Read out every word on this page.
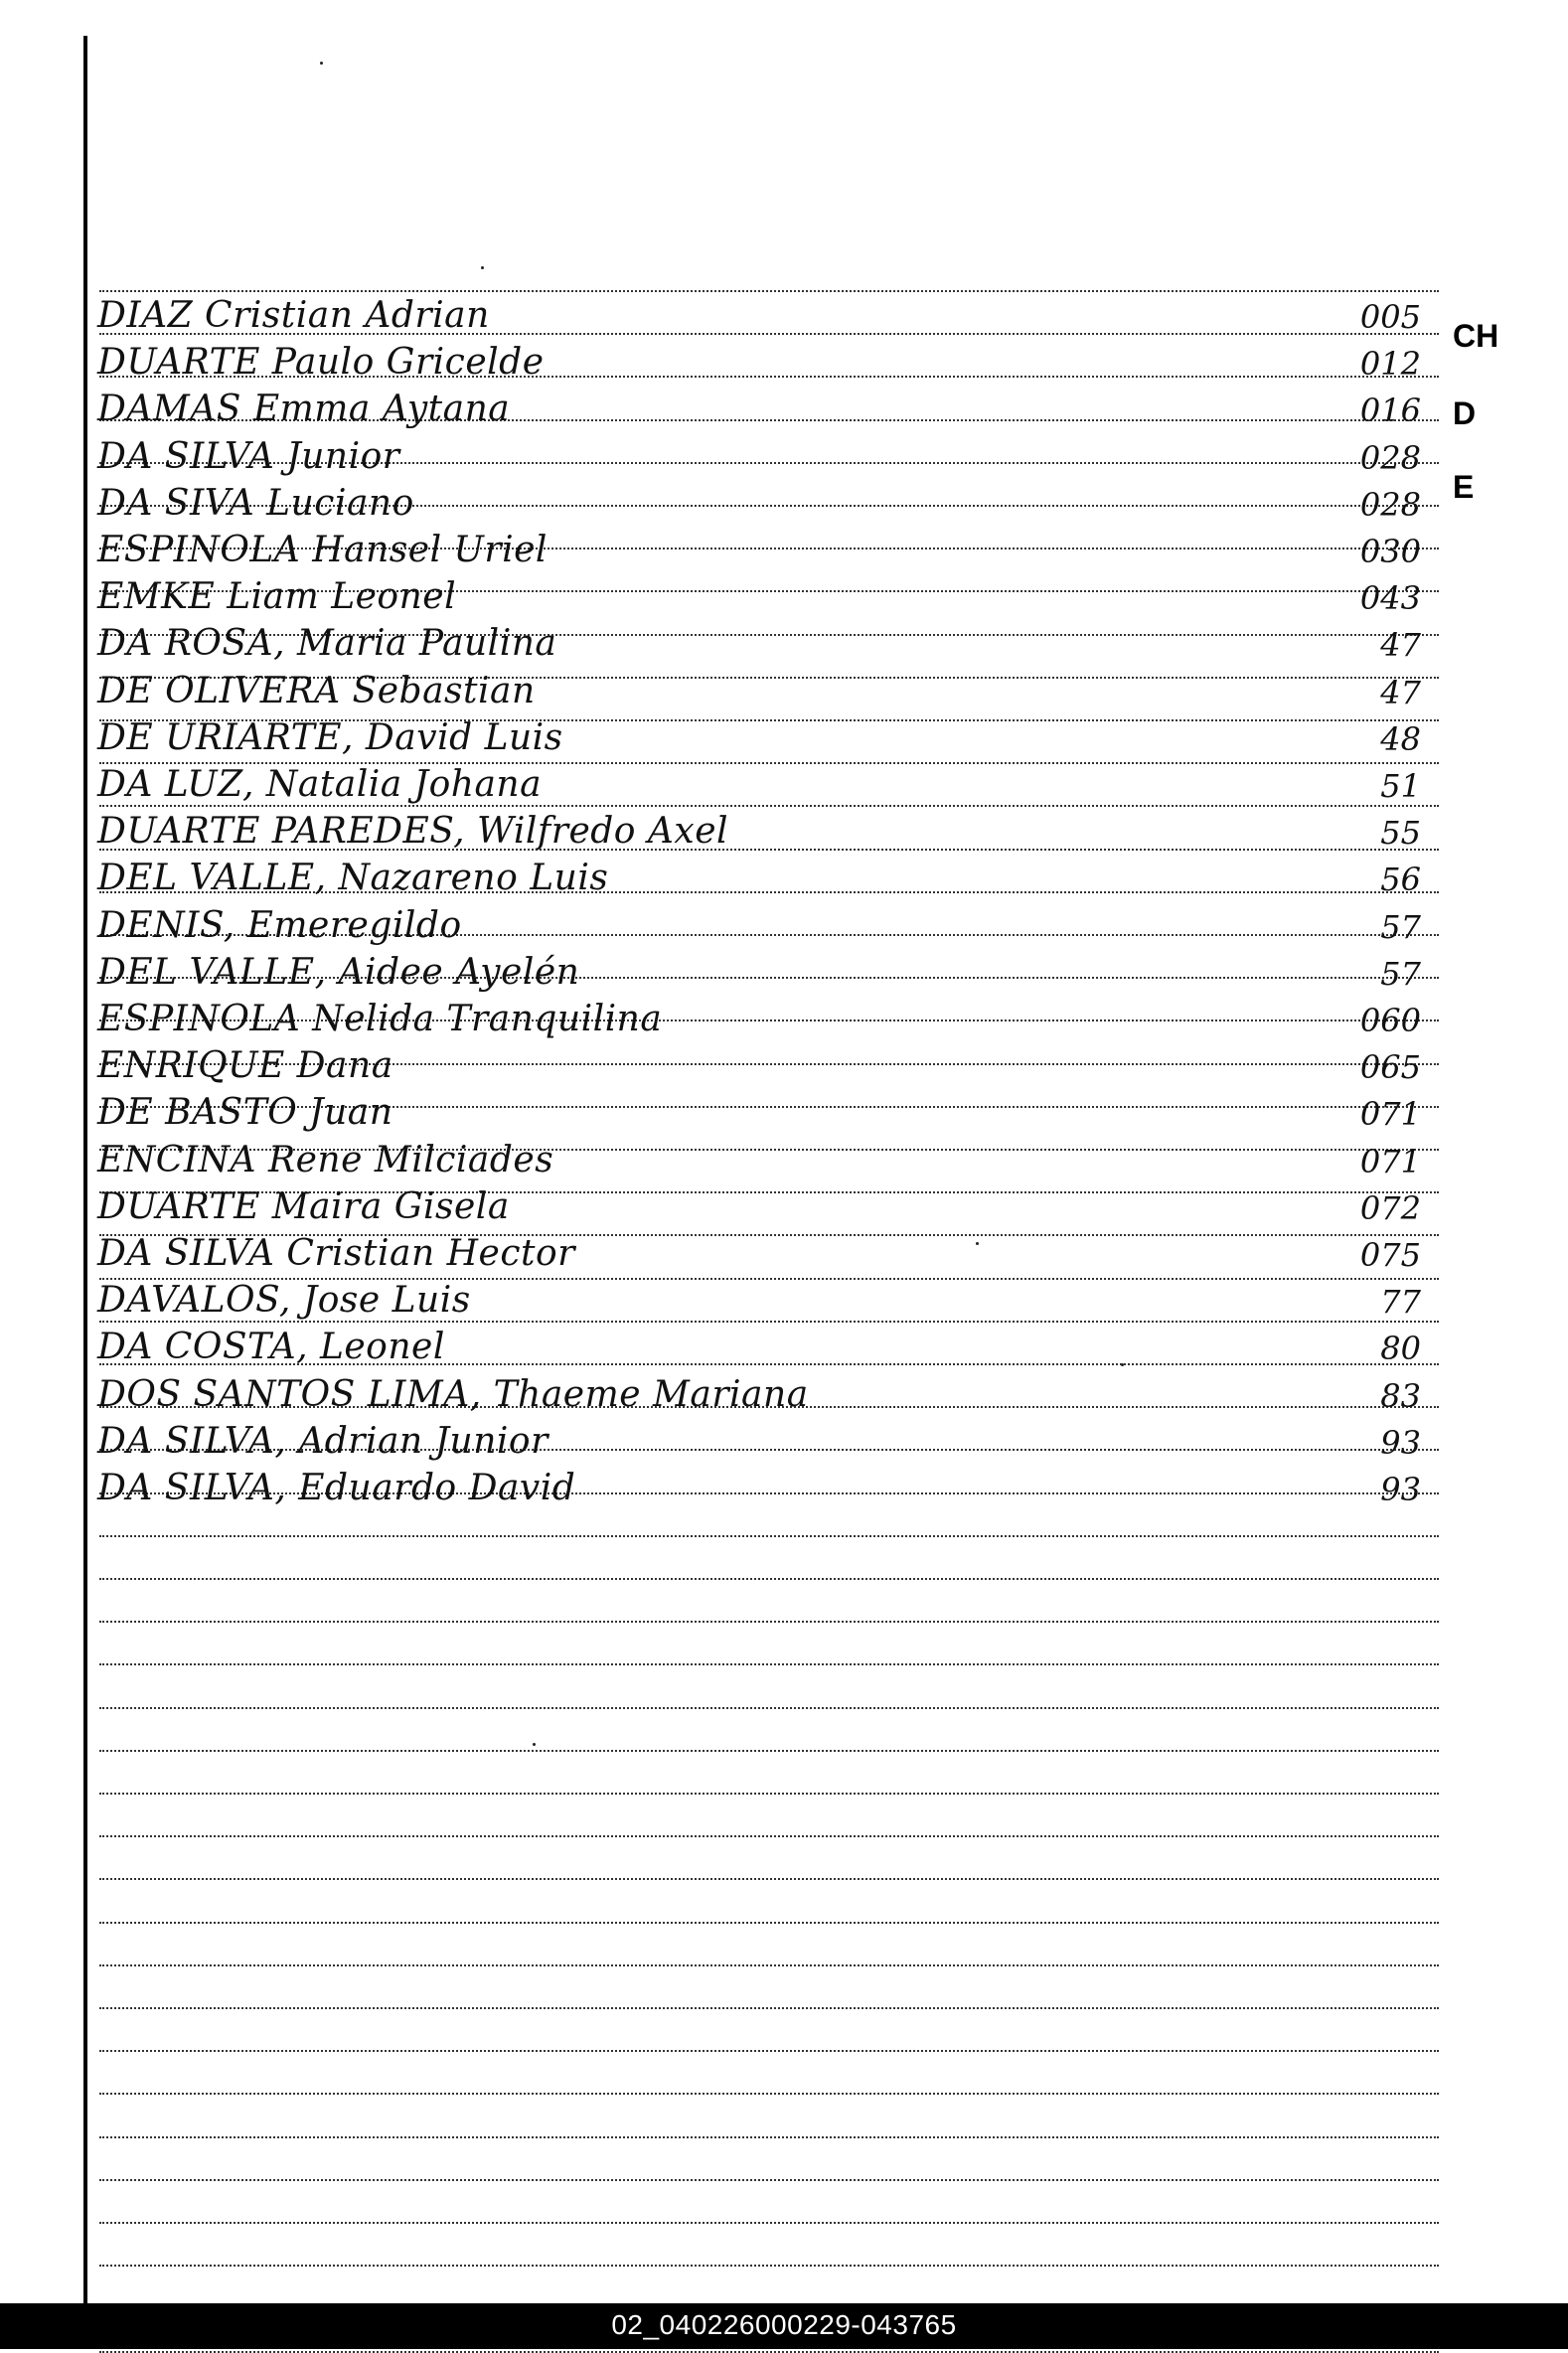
DIAZ Cristian Adrian	005
DUARTE Paulo Gricelde	012
DAMAS Emma Aytana	016
DA SILVA Junior	028
DA SIVA Luciano	028
ESPINOLA Hansel Uriel	030
EMKE Liam Leonel	043
DA ROSA, Maria Paulina	47
DE OLIVERA Sebastian	47
DE URIARTE, David Luis	48
DA LUZ, Natalia Johana	51
DUARTE PAREDES, Wilfredo Axel	55
DEL VALLE, Nazareno Luis	56
DENIS, Emeregildo	57
DEL VALLE, Aidee Ayelén	57
ESPINOLA Nelida Tranquilina	060
ENRIQUE Dana	065
DE BASTO Juan	071
ENCINA Rene Milciades	071
DUARTE Maira Gisela	072
DA SILVA Cristian Hector	075
DAVALOS, Jose Luis	77
DA COSTA, Leonel	80
DOS SANTOS LIMA, Thaeme Mariana	83
DA SILVA, Adrian Junior	93
DA SILVA, Eduardo David	93
CH
D
E
02_040226000229-043765
